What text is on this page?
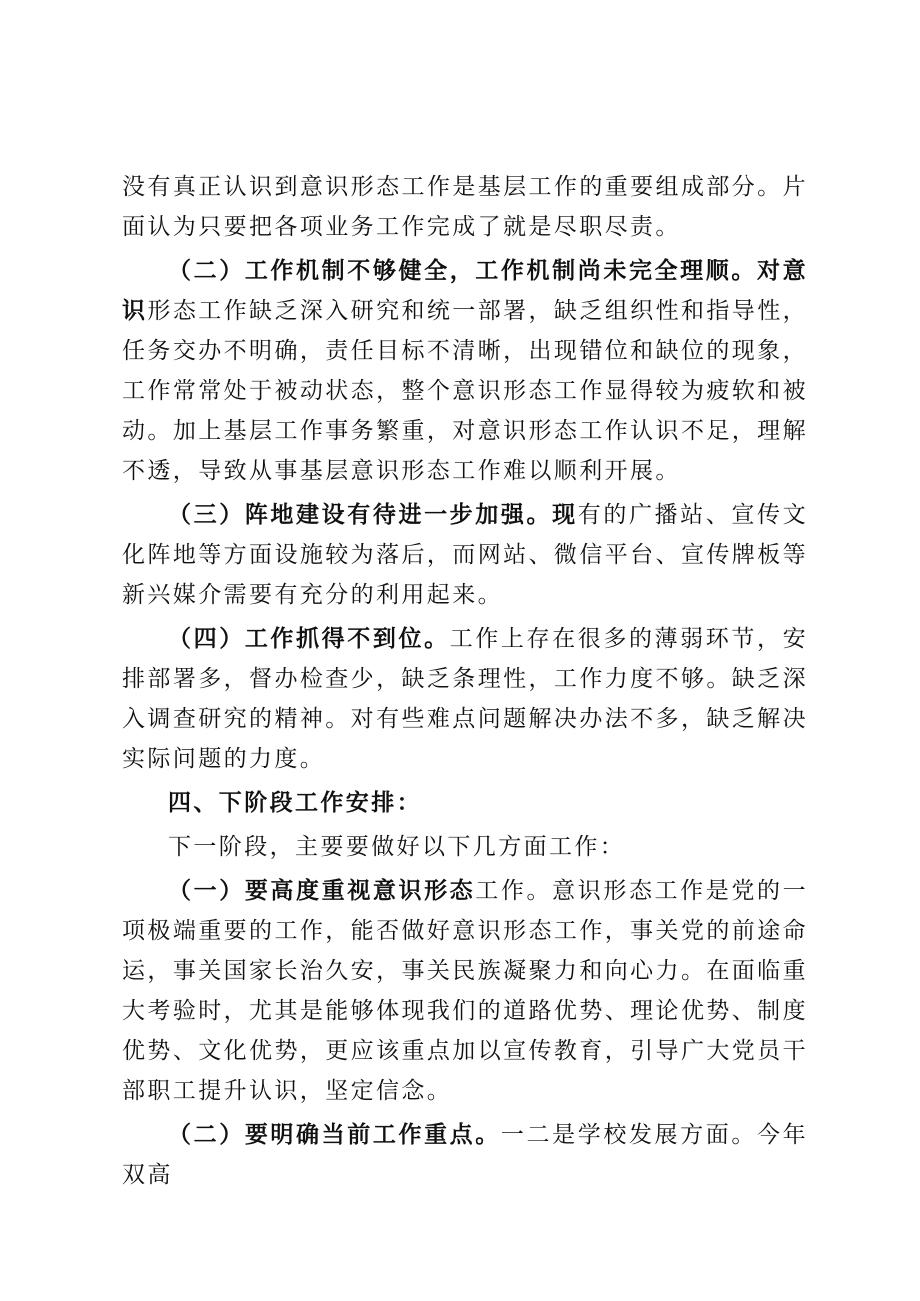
没有真正认识到意识形态工作是基层工作的重要组成部分。片面认为只要把各项业务工作完成了就是尽职尽责。

（二）工作机制不够健全，工作机制尚未完全理顺。对意识形态工作缺乏深入研究和统一部署，缺乏组织性和指导性，任务交办不明确，责任目标不清晰，出现错位和缺位的现象，工作常常处于被动状态，整个意识形态工作显得较为疲软和被动。加上基层工作事务繁重，对意识形态工作认识不足，理解不透，导致从事基层意识形态工作难以顺利开展。

（三）阵地建设有待进一步加强。现有的广播站、宣传文化阵地等方面设施较为落后，而网站、微信平台、宣传牌板等新兴媒介需要有充分的利用起来。

（四）工作抓得不到位。工作上存在很多的薄弱环节，安排部署多，督办检查少，缺乏条理性，工作力度不够。缺乏深入调查研究的精神。对有些难点问题解决办法不多，缺乏解决实际问题的力度。

四、下阶段工作安排：

下一阶段，主要要做好以下几方面工作：

（一）要高度重视意识形态工作。意识形态工作是党的一项极端重要的工作，能否做好意识形态工作，事关党的前途命运，事关国家长治久安，事关民族凝聚力和向心力。在面临重大考验时，尤其是能够体现我们的道路优势、理论优势、制度优势、文化优势，更应该重点加以宣传教育，引导广大党员干部职工提升认识，坚定信念。

（二）要明确当前工作重点。一二是学校发展方面。今年双高
